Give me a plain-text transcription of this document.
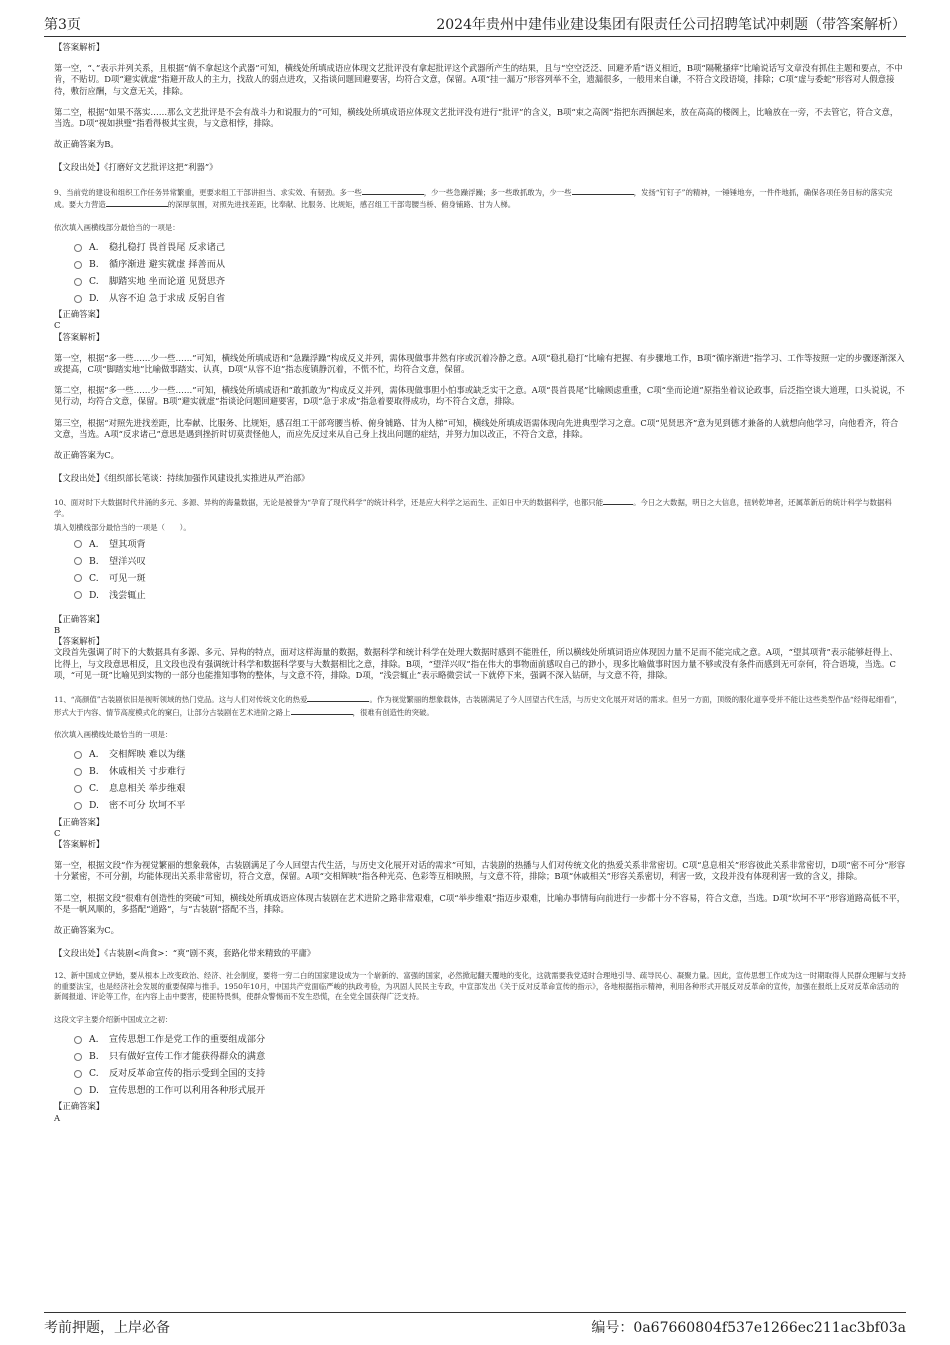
第3页	2024年贵州中建伟业建设集团有限责任公司招聘笔试冲刺题（带答案解析）

【答案解析】

第一空，“、”表示并列关系，且根据“倘不拿起这个武器”可知，横线处所填成语应体现文艺批评没有拿起批评这个武器所产生的结果，且与“空空泛泛、回避矛盾”语义相近，B项“隔靴搔痒”比喻说话写文章没有抓住主题和要点，不中肯，不贴切。D项“避实就虚”指避开敌人的主力，找敌人的弱点进攻，又指谈问题回避要害，均符合文意，保留。A项“挂一漏万”形容列举不全，遗漏很多，一般用来自谦，不符合文段语境，排除；C项“虚与委蛇”形容对人假意接待，敷衍应酬，与文意无关，排除。

第二空，根据“如果不落实……那么文艺批评是不会有战斗力和说服力的”可知，横线处所填成语应体现文艺批评没有进行“批评”的含义，B项“束之高阁”指把东西捆起来，放在高高的楼阁上，比喻放在一旁，不去管它，符合文意，当选。D项“视如拱璧”指看得极其宝贵，与文意相悖，排除。

故正确答案为B。

【文段出处】《打磨好文艺批评这把“利器”》

9、当前党的建设和组织工作任务异常繁重，更要求组工干部讲担当、求实效、有韧劲。多一些	，少一些急躁浮躁；多一些敢抓敢为，少一些	，发扬“钉钉子”的精神，一锤锤地夯，一件件地抓，确保各项任务目标的落实完成。要大力营造	的深厚氛围，对照先进找差距，比奉献、比服务、比规矩，感召组工干部弯腰当桥、俯身铺路、甘为人梯。

依次填入画横线部分最恰当的一项是：

A.	稳扎稳打 畏首畏尾 反求诸己
B.	循序渐进 避实就虚 择善而从
C.	脚踏实地 坐而论道 见贤思齐
D.	从容不迫 急于求成 反躬自省

【正确答案】

C

【答案解析】

第一空，根据“多一些……少一些……”可知，横线处所填成语和“急躁浮躁”构成反义并列，需体现做事井然有序或沉着冷静之意。A项“稳扎稳打”比喻有把握、有步骤地工作，B项“循序渐进”指学习、工作等按照一定的步骤逐渐深入或提高，C项“脚踏实地”比喻做事踏实、认真，D项“从容不迫”指态度镇静沉着，不慌不忙，均符合文意，保留。

第二空，根据“多一些……少一些……”可知，横线处所填成语和“敢抓敢为”构成反义并列，需体现做事胆小怕事或缺乏实干之意。A项“畏首畏尾”比喻顾虑重重，C项“坐而论道”原指坐着议论政事，后泛指空谈大道理，口头说说，不见行动，均符合文意，保留。B项“避实就虚”指谈论问题回避要害，D项“急于求成”指急着要取得成功，均不符合文意，排除。

第三空，根据“对照先进找差距，比奉献、比服务、比规矩，感召组工干部弯腰当桥、俯身铺路、甘为人梯”可知，横线处所填成语需体现向先进典型学习之意。C项“见贤思齐”意为见到德才兼备的人就想向他学习，向他看齐，符合文意，当选。A项“反求诸己”意思是遇到挫折时切莫责怪他人，而应先反过来从自己身上找出问题的症结，并努力加以改正，不符合文意，排除。

故正确答案为C。

【文段出处】《组织部长笔谈：持续加强作风建设扎实推进从严治部》

10、面对时下大数据时代井涌的多元、多源、异构的海量数据，无论是被誉为“孕育了现代科学”的统计科学，还是应大科学之运而生、正如日中天的数据科学，也都只能	。今日之大数据，明日之大信息，扭转乾坤者，还属革新后的统计科学与数据科学。

填入划横线部分最恰当的一项是（　　）。

A.	望其项背
B.	望洋兴叹
C.	可见一斑
D.	浅尝辄止

【正确答案】

B

【答案解析】

文段首先强调了时下的大数据具有多源、多元、异构的特点，面对这样海量的数据，数据科学和统计科学在处理大数据时感到不能胜任，所以横线处所填词语应体现因力量不足而不能完成之意。A项，“望其项背”表示能够赶得上、比得上，与文段意思相反，且文段也没有强调统计科学和数据科学要与大数据相比之意，排除。B项，“望洋兴叹”指在伟大的事物面前感叹自己的渺小，现多比喻做事时因力量不够或没有条件而感到无可奈何，符合语境，当选。C项，“可见一斑”比喻见到实物的一部分也能推知事物的整体，与文意不符，排除。D项，“浅尝辄止”表示略微尝试一下就停下来，强调不深入钻研，与文意不符，排除。

11、“高颜值”古装剧依旧是视听领域的热门党品。这与人们对传统文化的热爱	。作为视觉繁丽的想象载体，古装剧满足了今人回望古代生活，与历史文化展开对话的需求。但另一方面，顶级的服化道享受并不能让这些类型作品“经得起细看”，形式大于内容、情节高度模式化的窠臼，让部分古装剧在艺术进阶之路上	，很难有创造性的突破。

依次填入画横线处最恰当的一项是：

A.	交相辉映 难以为继
B.	休戚相关 寸步难行
C.	息息相关 举步维艰
D.	密不可分 坎坷不平

【正确答案】

C

【答案解析】

第一空，根据文段“作为视觉繁丽的想象载体，古装剧满足了今人回望古代生活，与历史文化展开对话的需求”可知，古装剧的热播与人们对传统文化的热爱关系非常密切。C项“息息相关”形容彼此关系非常密切，D项“密不可分”形容十分紧密，不可分割，均能体现出关系非常密切，符合文意，保留。A项“交相辉映”指各种光亮、色彩等互相映照，与文意不符，排除；B项“休戚相关”形容关系密切，利害一致，文段并没有体现利害一致的含义，排除。

第二空，根据文段“很难有创造性的突破”可知，横线处所填成语应体现古装剧在艺术进阶之路非常艰难，C项“举步维艰”指迈步艰难，比喻办事情每向前进行一步都十分不容易，符合文意，当选。D项“坎坷不平”形容道路高低不平，不是一帆风顺的，多搭配“道路”，与“古装剧”搭配不当，排除。

故正确答案为C。

【文段出处】《古装剧<尚食>：“爽”剧不爽，套路化带来精致的平庸》

12、新中国成立伊始，要从根本上改变政治、经济、社会制度，要将一穷二白的国家建设成为一个崭新的、富强的国家，必然掀起翻天覆地的变化，这就需要我党适时合理地引导、疏导民心、凝聚力量。因此，宣传思想工作成为这一时期取得人民群众理解与支持的重要法宝，也是经济社会发展的重要保障与推手。1950年10月，中国共产党面临严峻的执政考验，为巩固人民民主专政，中宣部发出《关于反对反革命宣传的指示》，各地根据指示精神，利用各种形式开展反对反革命的宣传，加强在报纸上反对反革命活动的新闻报道、评论等工作，在内容上击中要害，使匪特畏惧，使群众警惕而不发生恐慌，在全党全国获得广泛支持。

这段文字主要介绍新中国成立之初：

A.	宣传思想工作是党工作的重要组成部分
B.	只有做好宣传工作才能获得群众的满意
C.	反对反革命宣传的指示受到全国的支持
D.	宣传思想的工作可以利用各种形式展开

【正确答案】

A

考前押题，上岸必备	编号：0a67660804f537e1266ec211ac3bf03a
